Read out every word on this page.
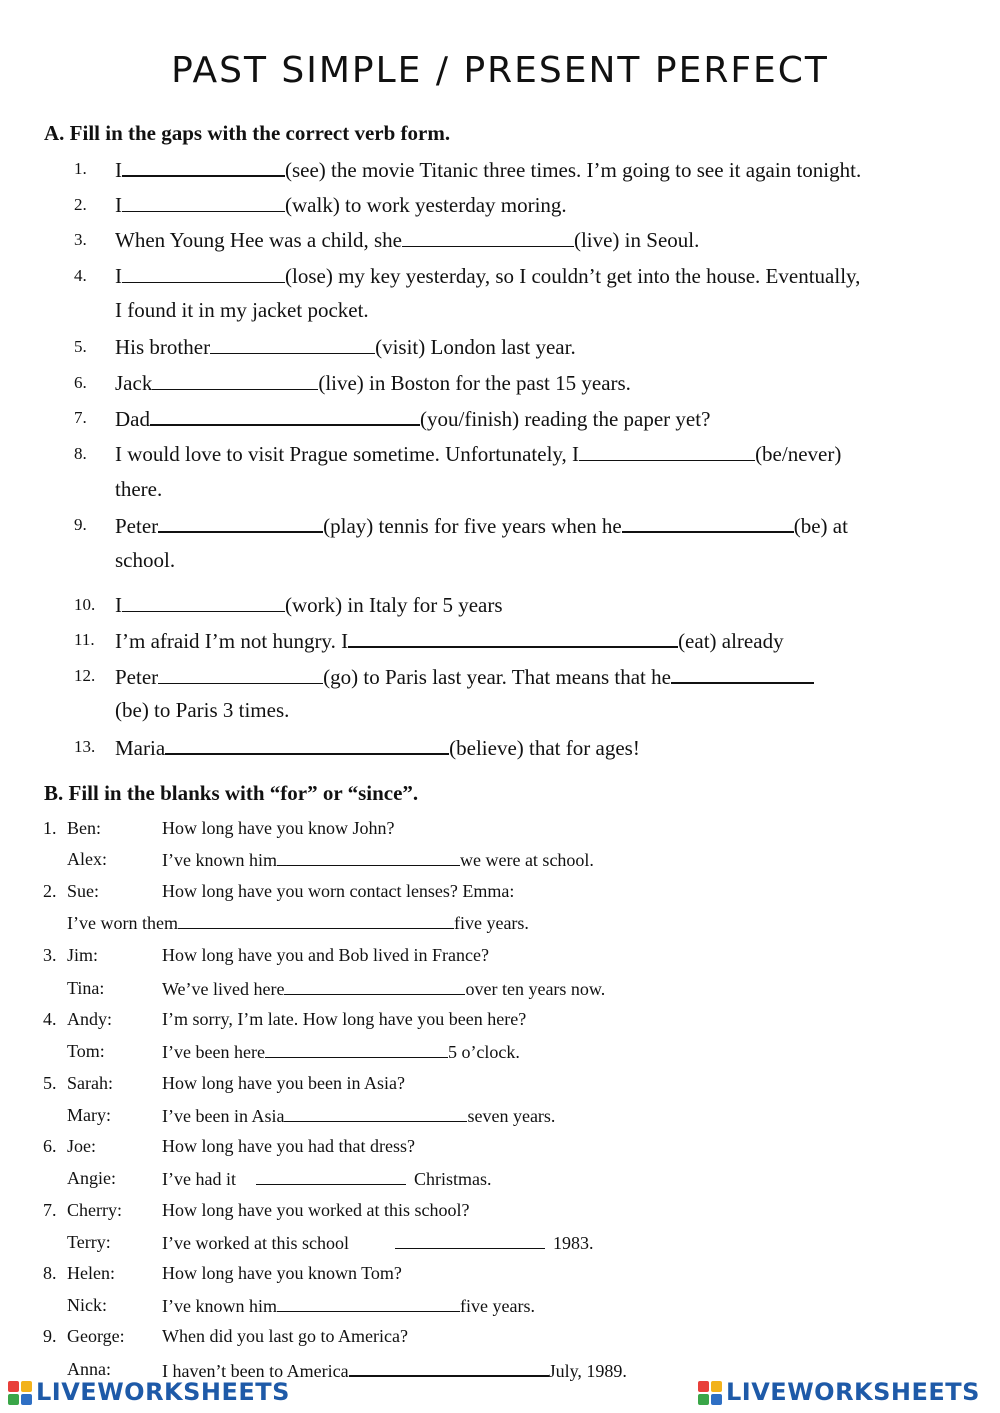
PAST SIMPLE / PRESENT PERFECT
A. Fill in the gaps with the correct verb form.
1. I	(see) the movie Titanic three times. I’m going to see it again tonight.
2. I	(walk) to work yesterday moring.
3. When Young Hee was a child, she	(live) in Seoul.
4. I	(lose) my key yesterday, so I couldn’t get into the house. Eventually,
I found it in my jacket pocket.
5. His brother	(visit) London last year.
6. Jack	(live) in Boston for the past 15 years.
7. Dad	(you/finish) reading the paper yet?
8. I would love to visit Prague sometime. Unfortunately, I	(be/never)
there.
9. Peter	(play) tennis for five years when he	(be) at
school.
10. I	(work) in Italy for 5 years
11. I’m afraid I’m not hungry. I	(eat) already
12. Peter	(go) to Paris last year. That means that he
(be) to Paris 3 times.
13. Maria	(believe) that for ages!
B. Fill in the blanks with “for” or “since”.
1. Ben:	How long have you know John?
Alex:	I’ve known him	we were at school.
2. Sue:	How long have you worn contact lenses? Emma:
I’ve worn them	five years.
3. Jim:	How long have you and Bob lived in France?
Tina:	We’ve lived here	over ten years now.
4. Andy:	I’m sorry, I’m late. How long have you been here?
Tom:	I’ve been here	5 o’clock.
5. Sarah:	How long have you been in Asia?
Mary:	I’ve been in Asia	seven years.
6. Joe:	How long have you had that dress?
Angie:	I’ve had it	Christmas.
7. Cherry: How long have you worked at this school?
Terry:	I’ve worked at this school	1983.
8. Helen:	How long have you known Tom?
Nick:	I’ve known him	five years.
9. George: When did you last go to America?
Anna:	I haven’t been to America	July, 1989.
LIVEWORKSHEETS	LIVEWORKSHEETS
